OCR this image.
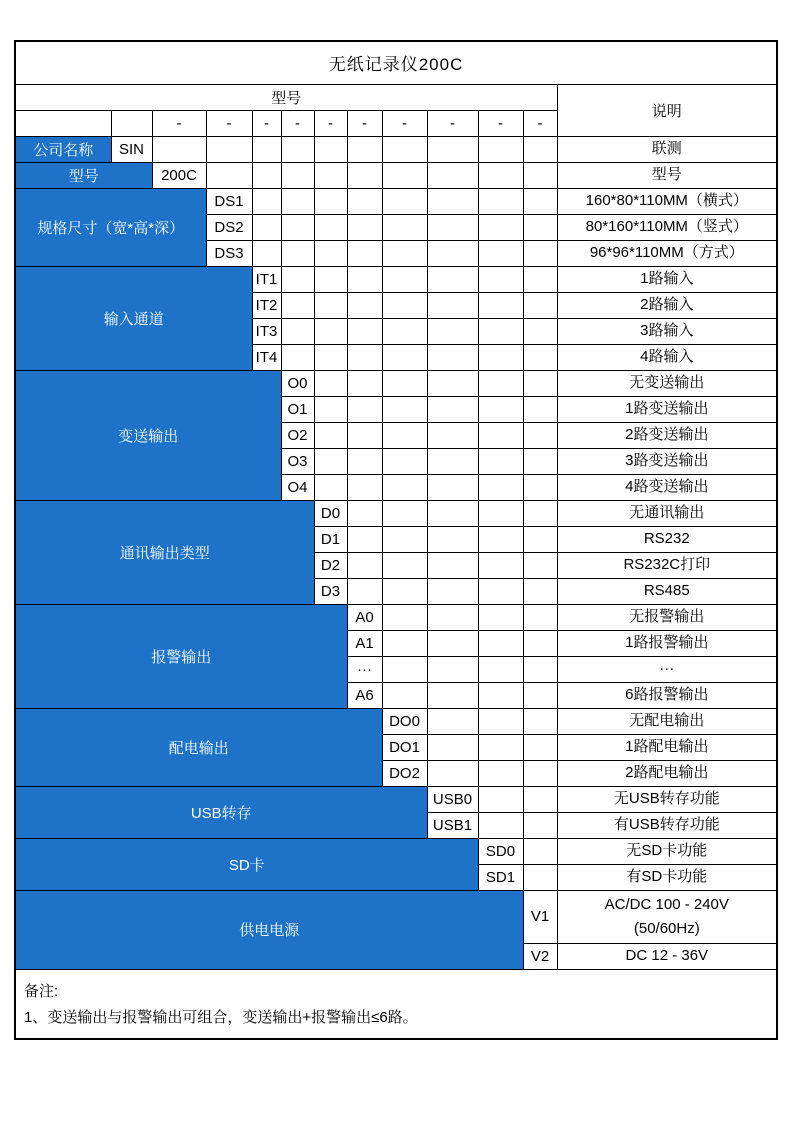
无纸记录仪200C												
型号												说明
		-	-	-	-	-	-	-	-	-	-	
公司名称	SIN											联测

型号		200C										型号

规格尺寸（宽*高*深）			DS1									160*80*110MM（横式）

			DS2									80*160*110MM（竖式）

			DS3									96*96*110MM（方式）

输入通道				IT1								1路输入

				IT2								2路输入

				IT3								3路输入

				IT4								4路输入

变送输出					O0							无变送输出

					O1							1路变送输出

					O2							2路变送输出

					O3							3路变送输出

					O4							4路变送输出

通讯输出类型						D0						无通讯输出

						D1						RS232

						D2						RS232C打印

						D3						RS485

报警输出							A0					无报警输出

							A1					1路报警输出

							···					···

							A6					6路报警输出

配电输出								DO0				无配电输出

								DO1				1路配电输出

								DO2				2路配电输出

USB转存									USB0			无USB转存功能

									USB1			有USB转存功能

SD卡										SD0		无SD卡功能

										SD1		有SD卡功能

供电电源											V1	AC/DC 100 - 240V
(50/60Hz)

											V2	DC 12 - 36V

备注:
1、变送输出与报警输出可组合，变送输出+报警输出≤6路。												
